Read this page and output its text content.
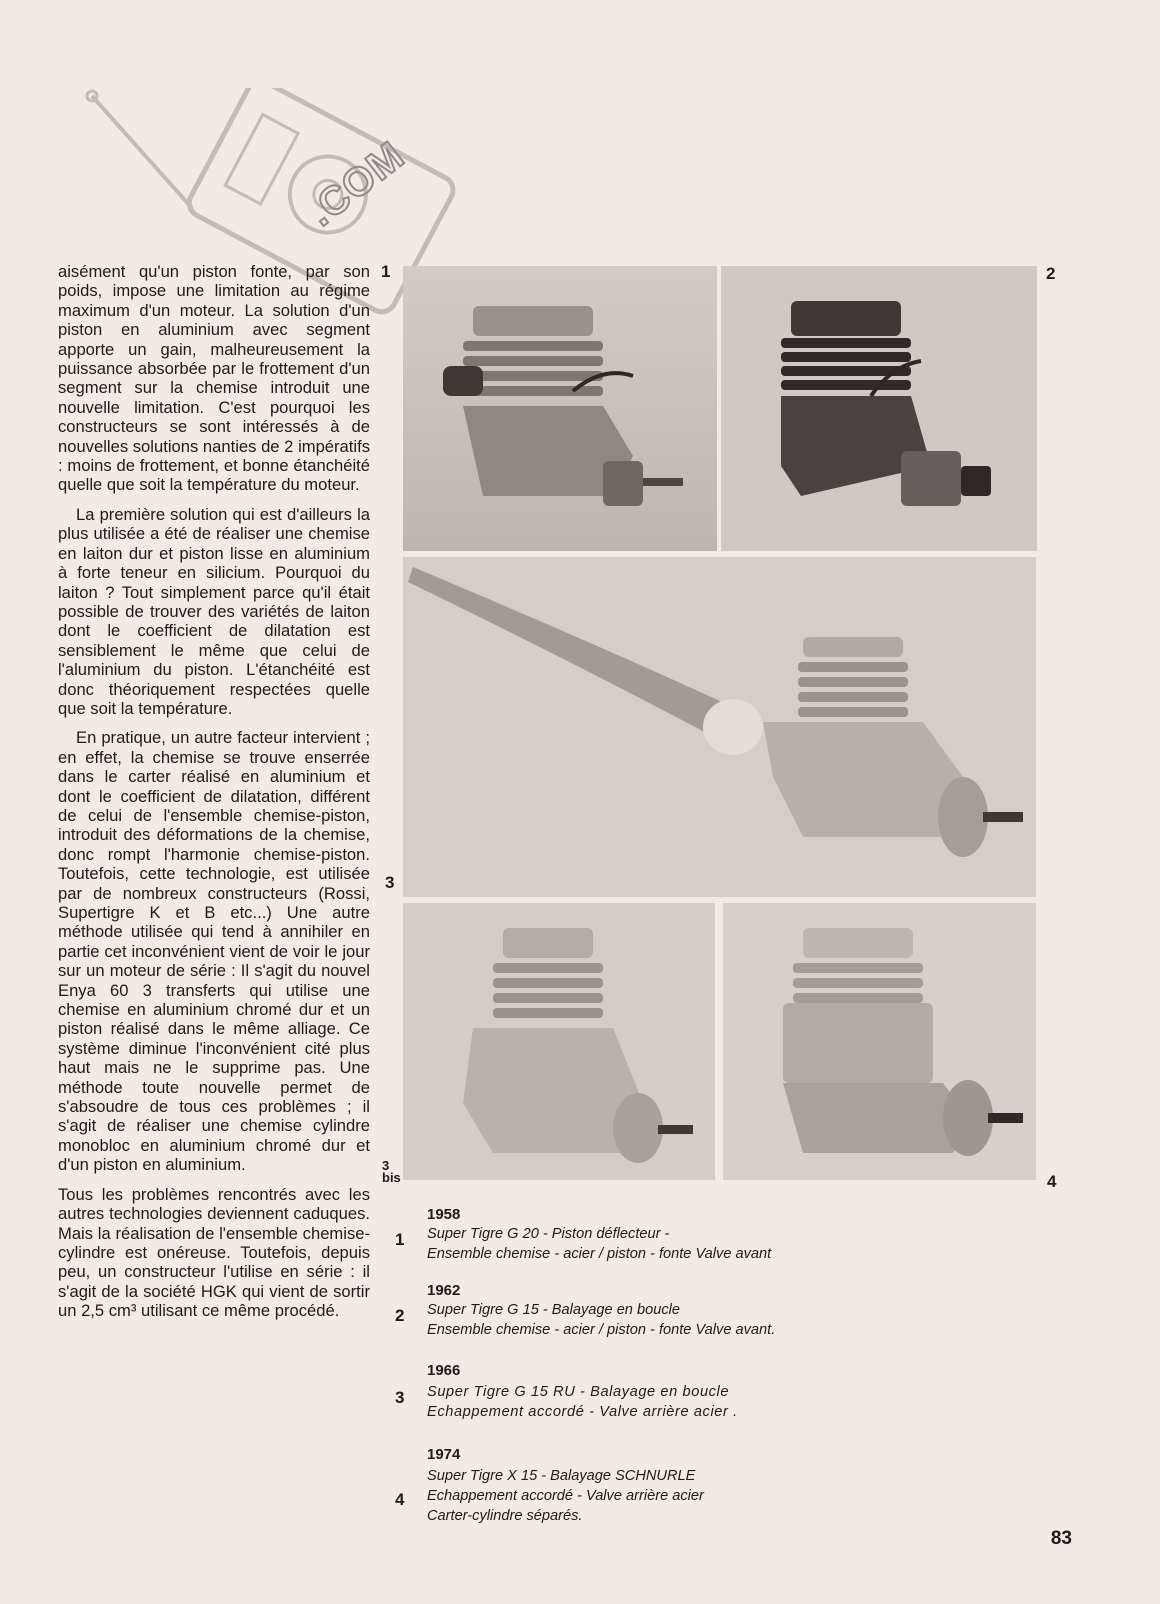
.COM

aisément qu'un piston fonte, par son poids, impose une limitation au régime maximum d'un moteur. La solution d'un piston en aluminium avec segment apporte un gain, malheureusement la puissance absorbée par le frottement d'un segment sur la chemise introduit une nouvelle limitation. C'est pourquoi les constructeurs se sont intéressés à de nouvelles solutions nanties de 2 impératifs : moins de frottement, et bonne étanchéité quelle que soit la température du moteur.

La première solution qui est d'ailleurs la plus utilisée a été de réaliser une chemise en laiton dur et piston lisse en aluminium à forte teneur en silicium. Pourquoi du laiton ? Tout simplement parce qu'il était possible de trouver des variétés de laiton dont le coefficient de dilatation est sensiblement le même que celui de l'aluminium du piston. L'étanchéité est donc théoriquement respectées quelle que soit la température.

En pratique, un autre facteur intervient ; en effet, la chemise se trouve enserrée dans le carter réalisé en aluminium et dont le coefficient de dilatation, différent de celui de l'ensemble chemise-piston, introduit des déformations de la chemise, donc rompt l'harmonie chemise-piston. Toutefois, cette technologie, est utilisée par de nombreux constructeurs (Rossi, Supertigre K et B etc...) Une autre méthode utilisée qui tend à annihiler en partie cet inconvénient vient de voir le jour sur un moteur de série : Il s'agit du nouvel Enya 60 3 transferts qui utilise une chemise en aluminium chromé dur et un piston réalisé dans le même alliage. Ce système diminue l'inconvénient cité plus haut mais ne le supprime pas. Une méthode toute nouvelle permet de s'absoudre de tous ces problèmes ; il s'agit de réaliser une chemise cylindre monobloc en aluminium chromé dur et d'un piston en aluminium.

Tous les problèmes rencontrés avec les autres technologies deviennent caduques. Mais la réalisation de l'ensemble chemise-cylindre est onéreuse. Toutefois, depuis peu, un constructeur l'utilise en série : il s'agit de la société HGK qui vient de sortir un 2,5 cm³ utilisant ce même procédé.

1	2
3
3
bis	4
1958
1 Super Tigre G 20 - Piston déflecteur -
Ensemble chemise - acier / piston - fonte Valve avant
1962
2 Super Tigre G 15 - Balayage en boucle
Ensemble chemise - acier / piston - fonte Valve avant.
1966
3 Super Tigre G 15 RU - Balayage en boucle
Echappement accordé - Valve arrière acier .
1974
4
Super Tigre X 15 - Balayage SCHNURLE
Echappement accordé - Valve arrière acier
Carter-cylindre séparés.
83
